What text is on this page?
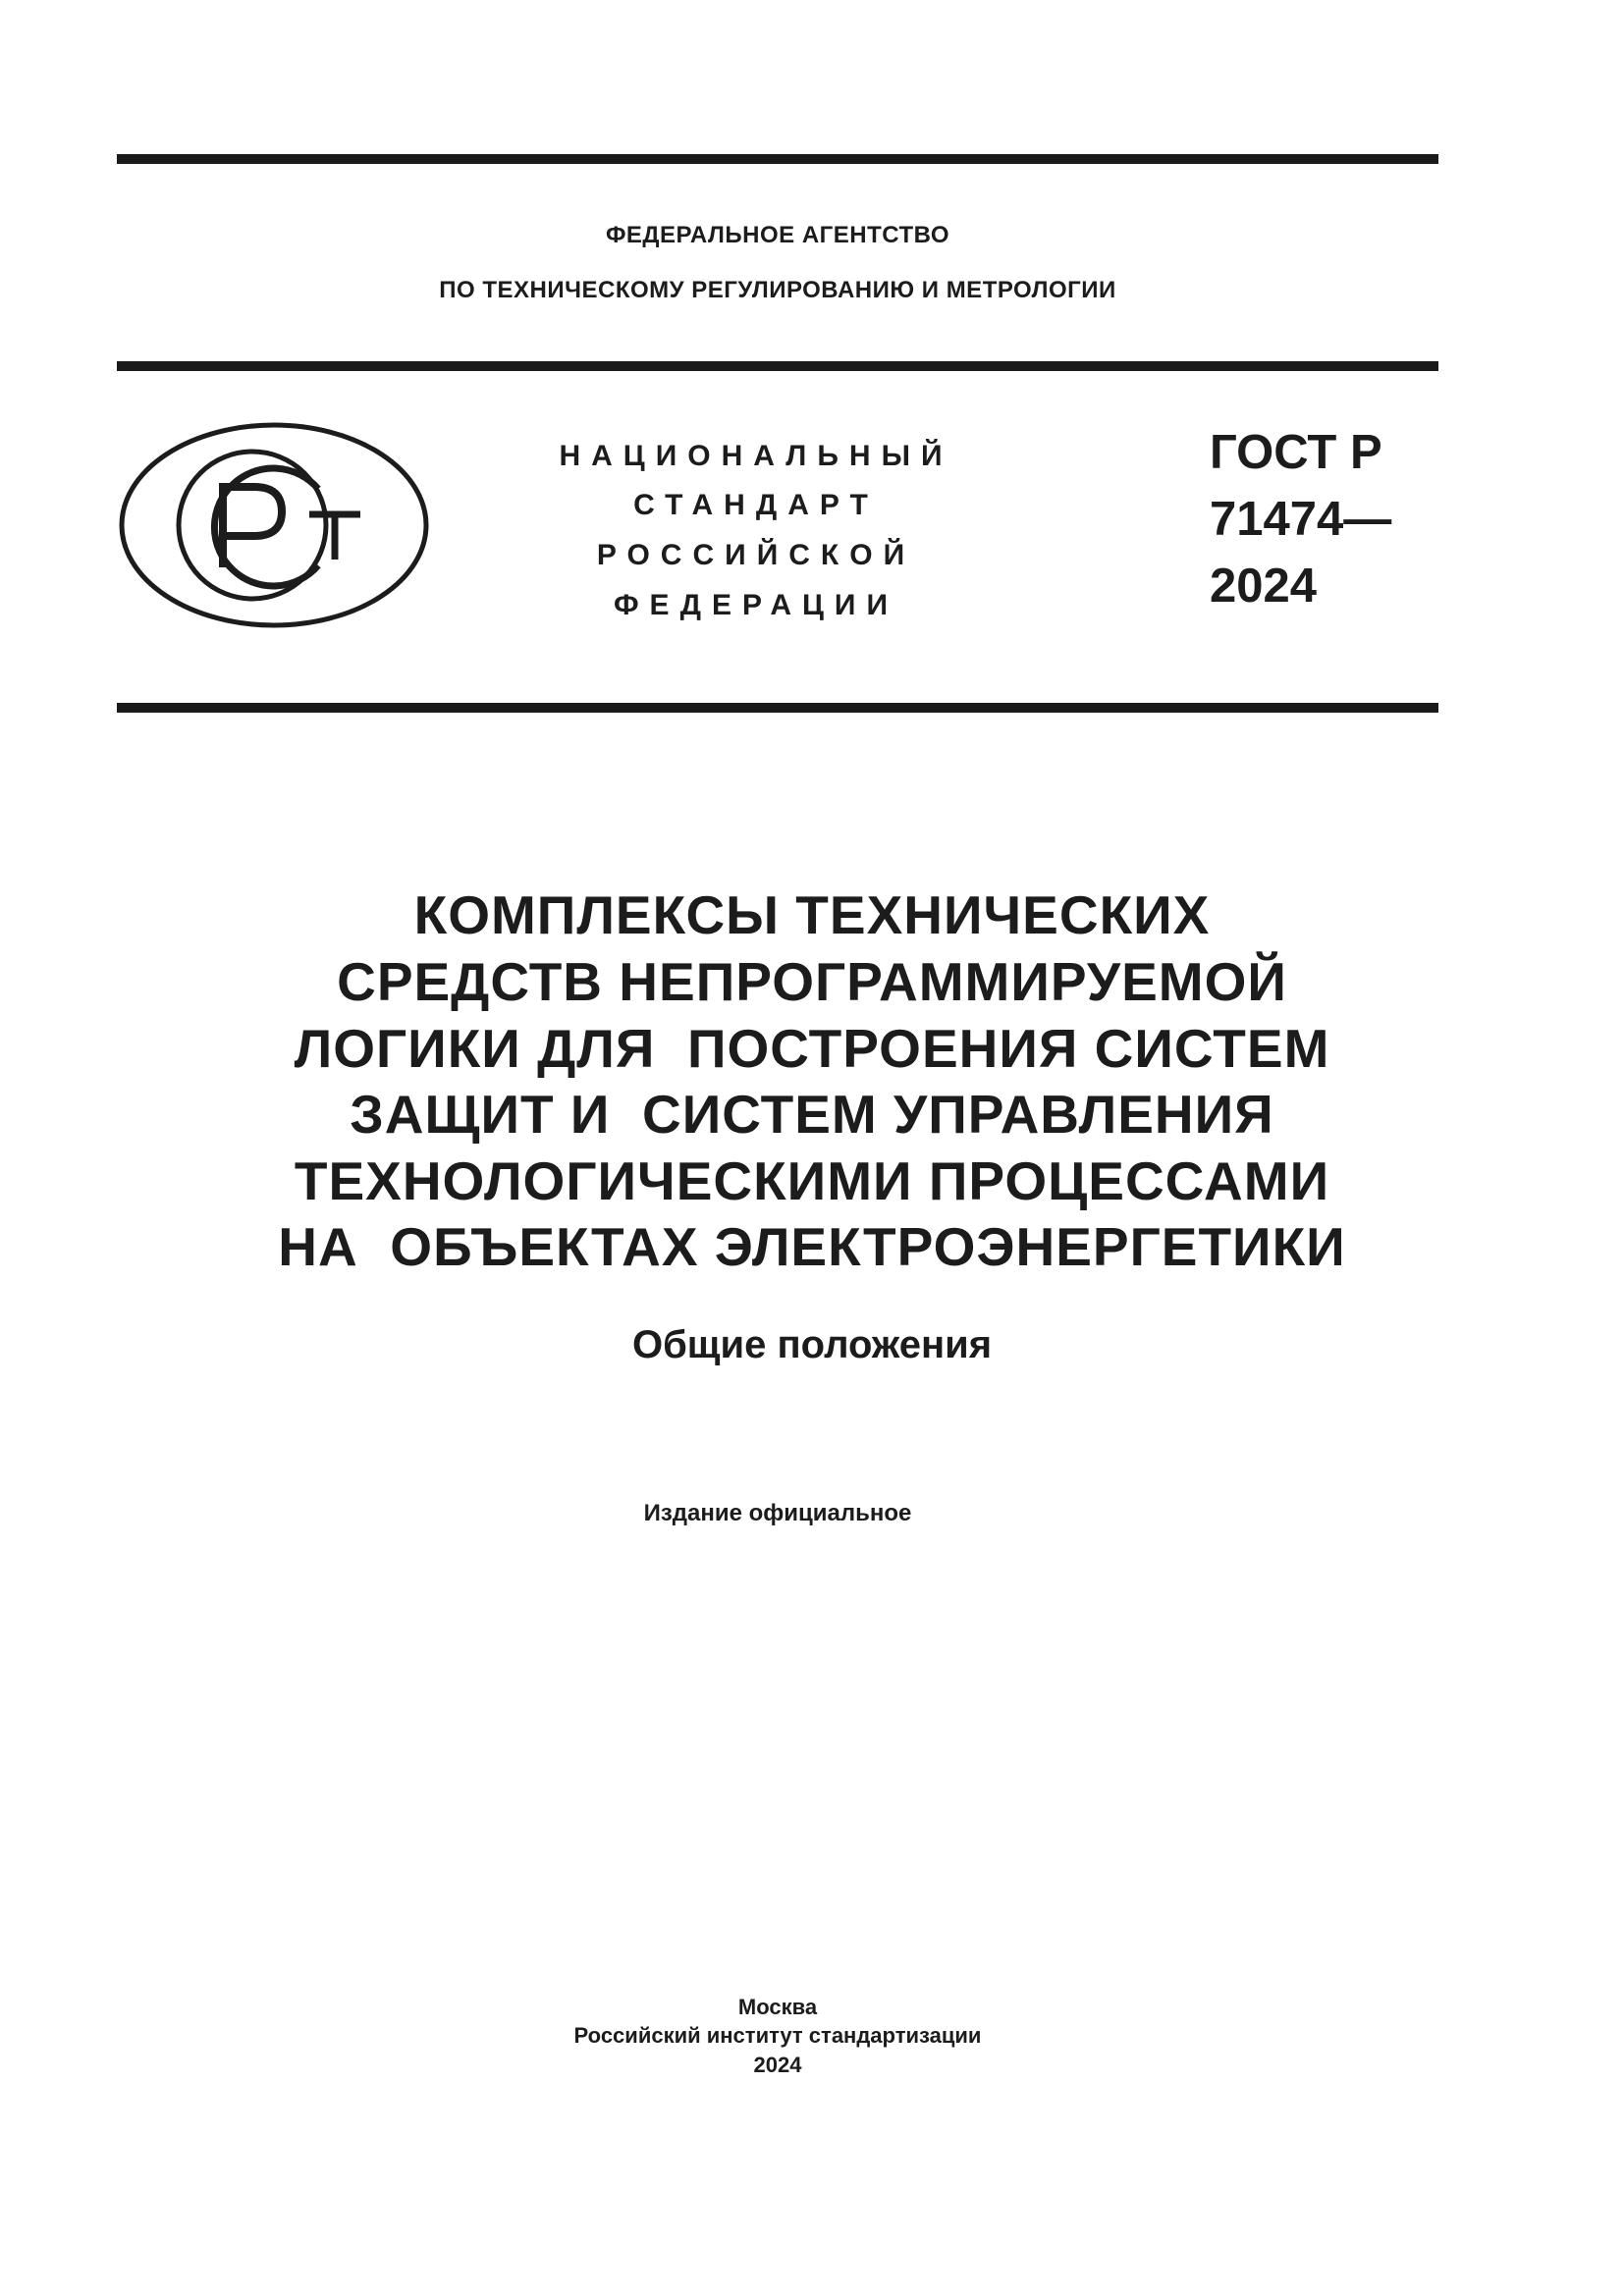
ФЕДЕРАЛЬНОЕ АГЕНТСТВО
ПО ТЕХНИЧЕСКОМУ РЕГУЛИРОВАНИЮ И МЕТРОЛОГИИ
НАЦИОНАЛЬНЫЙ
СТАНДАРТ
РОССИЙСКОЙ
ФЕДЕРАЦИИ
ГОСТ Р
71474—
2024
КОМПЛЕКСЫ ТЕХНИЧЕСКИХ
СРЕДСТВ НЕПРОГРАММИРУЕМОЙ
ЛОГИКИ ДЛЯ  ПОСТРОЕНИЯ СИСТЕМ
ЗАЩИТ И  СИСТЕМ УПРАВЛЕНИЯ
ТЕХНОЛОГИЧЕСКИМИ ПРОЦЕССАМИ
НА  ОБЪЕКТАХ ЭЛЕКТРОЭНЕРГЕТИКИ
Общие положения
Издание официальное
Москва
Российский институт стандартизации
2024
